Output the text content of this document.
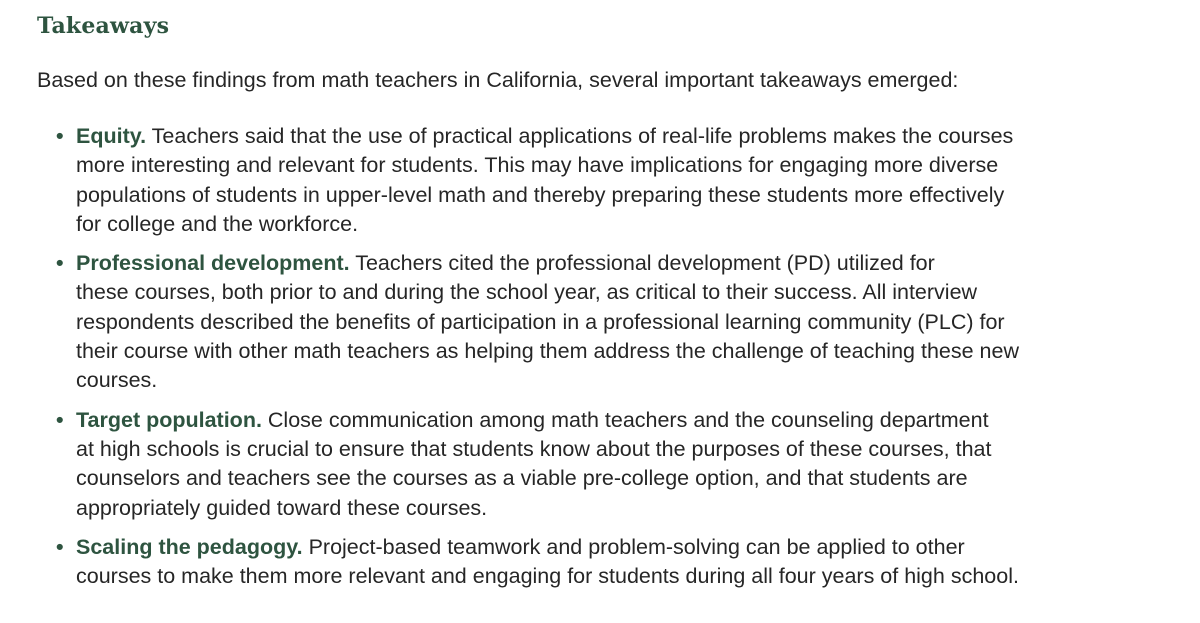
Takeaways

Based on these findings from math teachers in California, several important takeaways emerged:

• Equity. Teachers said that the use of practical applications of real-life problems makes the courses
more interesting and relevant for students. This may have implications for engaging more diverse
populations of students in upper-level math and thereby preparing these students more effectively
for college and the workforce.
• Professional development. Teachers cited the professional development (PD) utilized for
these courses, both prior to and during the school year, as critical to their success. All interview
respondents described the benefits of participation in a professional learning community (PLC) for
their course with other math teachers as helping them address the challenge of teaching these new
courses.
• Target population. Close communication among math teachers and the counseling department
at high schools is crucial to ensure that students know about the purposes of these courses, that
counselors and teachers see the courses as a viable pre-college option, and that students are
appropriately guided toward these courses.
• Scaling the pedagogy. Project-based teamwork and problem-solving can be applied to other
courses to make them more relevant and engaging for students during all four years of high school.
